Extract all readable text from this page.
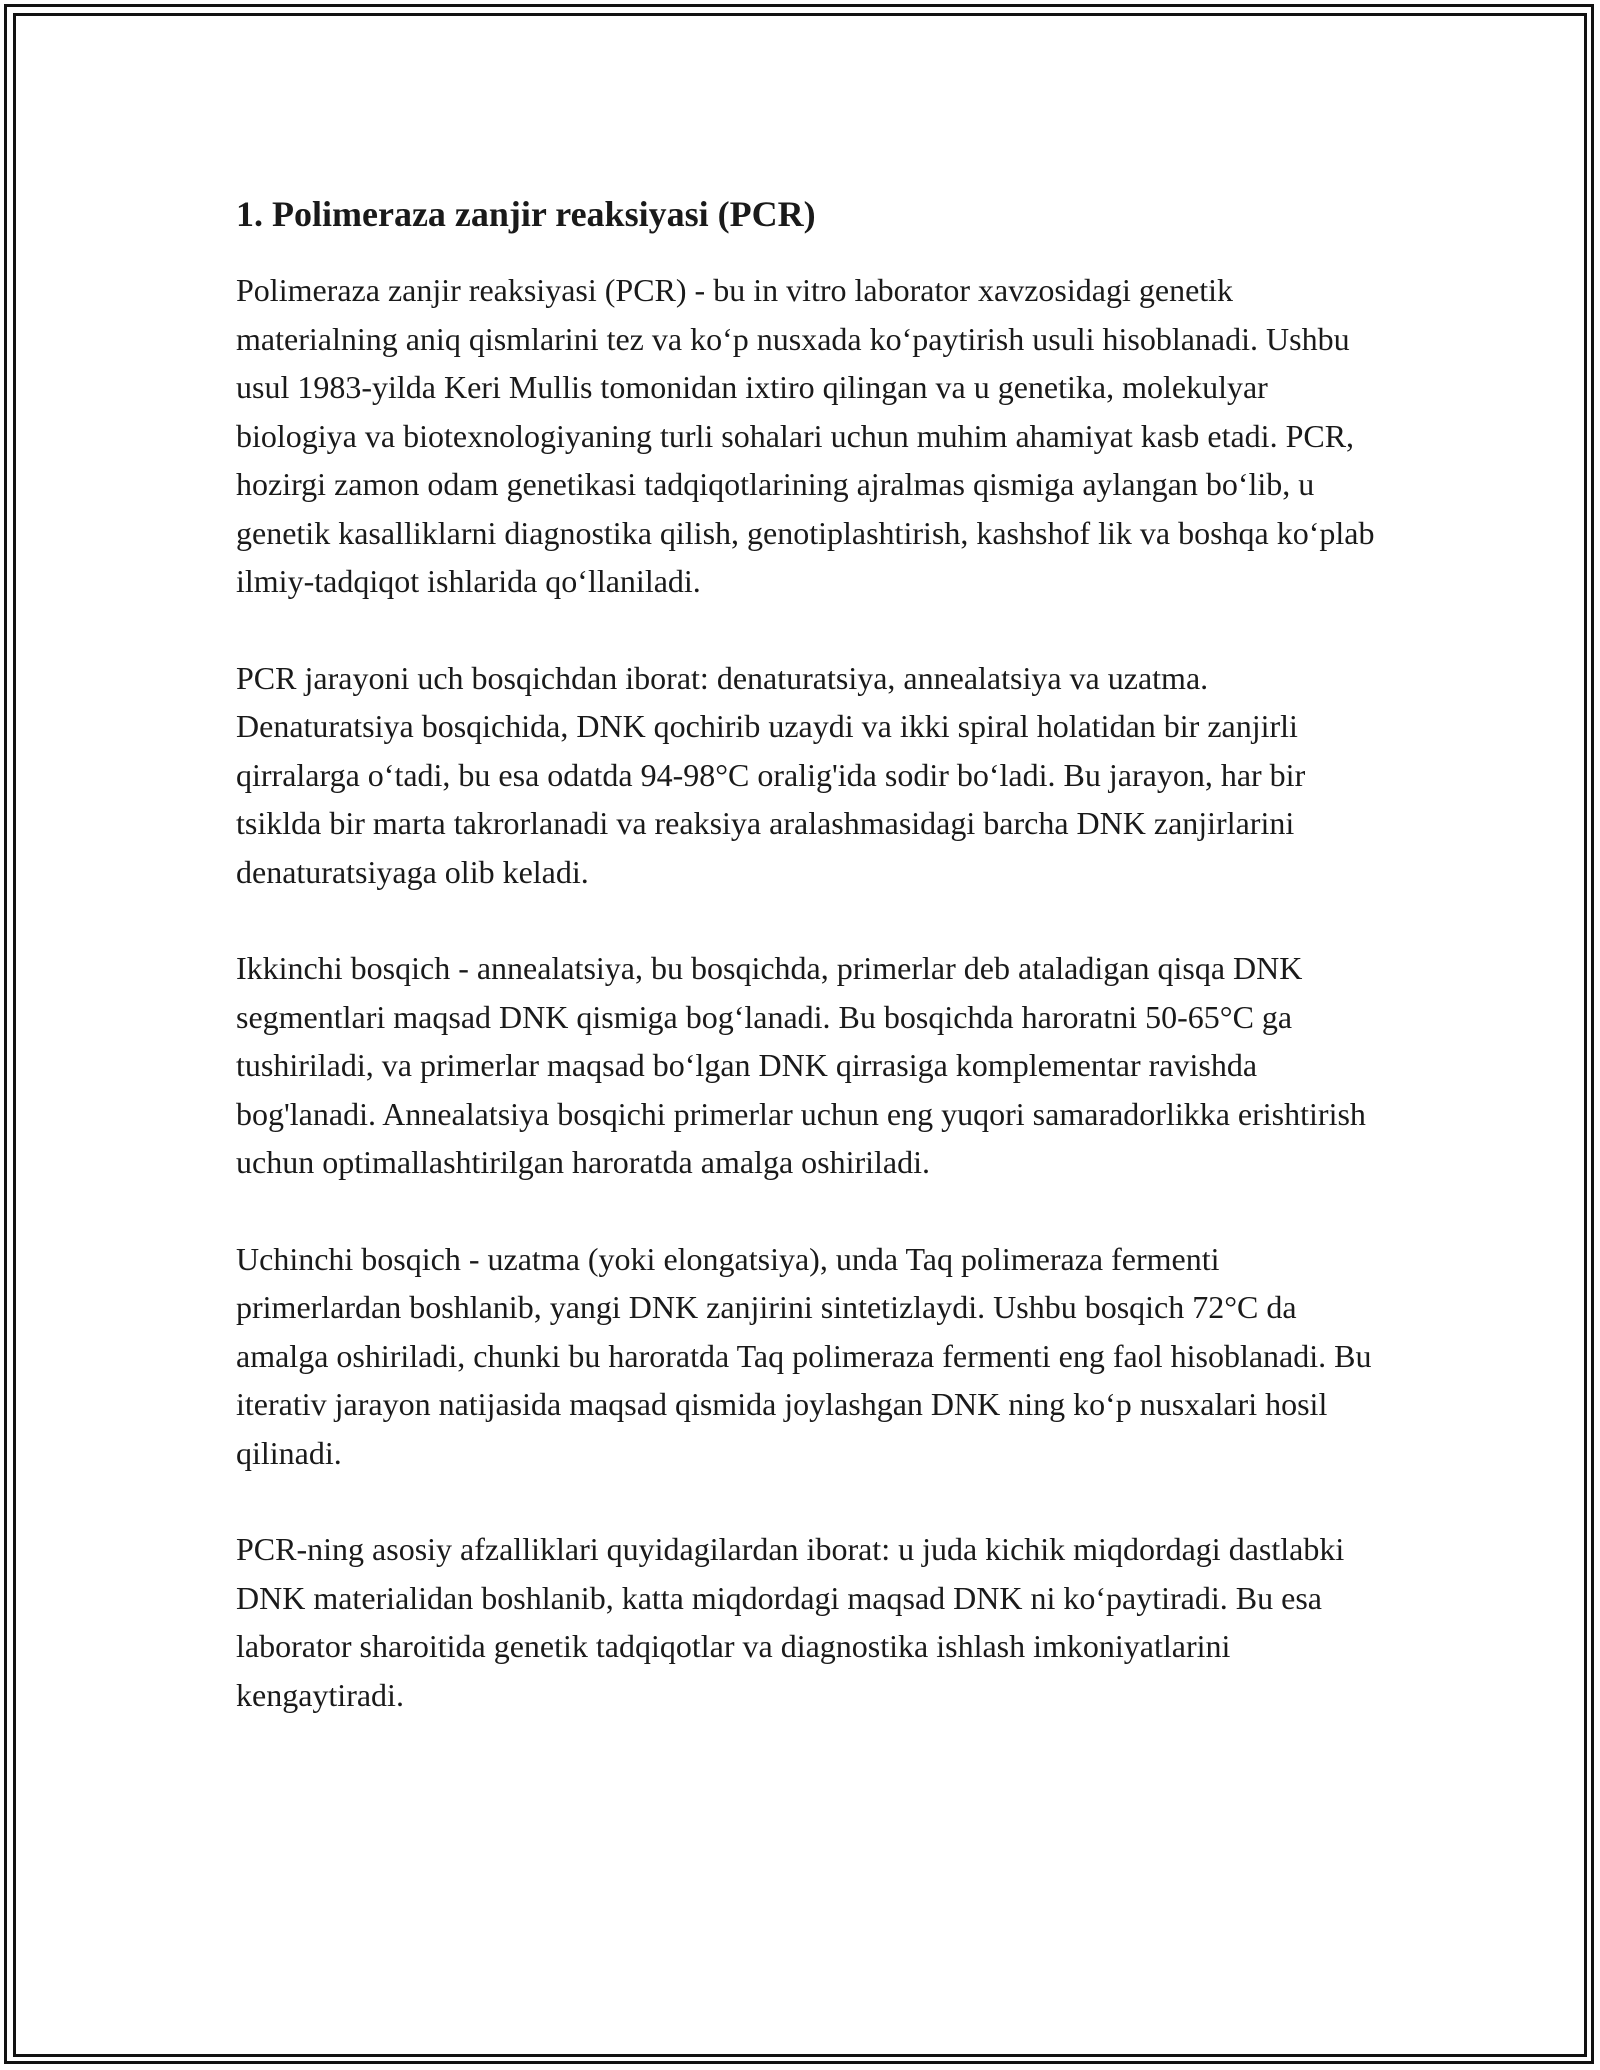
1. Polimeraza zanjir reaksiyasi (PCR)

Polimeraza zanjir reaksiyasi (PCR) - bu in vitro laborator xavzosidagi genetik materialning aniq qismlarini tez va ko‘p nusxada ko‘paytirish usuli hisoblanadi. Ushbu usul 1983-yilda Keri Mullis tomonidan ixtiro qilingan va u genetika, molekulyar biologiya va biotexnologiyaning turli sohalari uchun muhim ahamiyat kasb etadi. PCR, hozirgi zamon odam genetikasi tadqiqotlarining ajralmas qismiga aylangan bo‘lib, u genetik kasalliklarni diagnostika qilish, genotiplashtirish, kashshof lik va boshqa ko‘plab ilmiy-tadqiqot ishlarida qo‘llaniladi.

PCR jarayoni uch bosqichdan iborat: denaturatsiya, annealatsiya va uzatma. Denaturatsiya bosqichida, DNK qochirib uzaydi va ikki spiral holatidan bir zanjirli qirralarga o‘tadi, bu esa odatda 94-98°C oralig'ida sodir bo‘ladi. Bu jarayon, har bir tsiklda bir marta takrorlanadi va reaksiya aralashmasidagi barcha DNK zanjirlarini denaturatsiyaga olib keladi.

Ikkinchi bosqich - annealatsiya, bu bosqichda, primerlar deb ataladigan qisqa DNK segmentlari maqsad DNK qismiga bog‘lanadi. Bu bosqichda haroratni 50-65°C ga tushiriladi, va primerlar maqsad bo‘lgan DNK qirrasiga komplementar ravishda bog'lanadi. Annealatsiya bosqichi primerlar uchun eng yuqori samaradorlikka erishtirish uchun optimallashtirilgan haroratda amalga oshiriladi.

Uchinchi bosqich - uzatma (yoki elongatsiya), unda Taq polimeraza fermenti primerlardan boshlanib, yangi DNK zanjirini sintetizlaydi. Ushbu bosqich 72°C da amalga oshiriladi, chunki bu haroratda Taq polimeraza fermenti eng faol hisoblanadi. Bu iterativ jarayon natijasida maqsad qismida joylashgan DNK ning ko‘p nusxalari hosil qilinadi.

PCR-ning asosiy afzalliklari quyidagilardan iborat: u juda kichik miqdordagi dastlabki DNK materialidan boshlanib, katta miqdordagi maqsad DNK ni ko‘paytiradi. Bu esa laborator sharoitida genetik tadqiqotlar va diagnostika ishlash imkoniyatlarini kengaytiradi.
